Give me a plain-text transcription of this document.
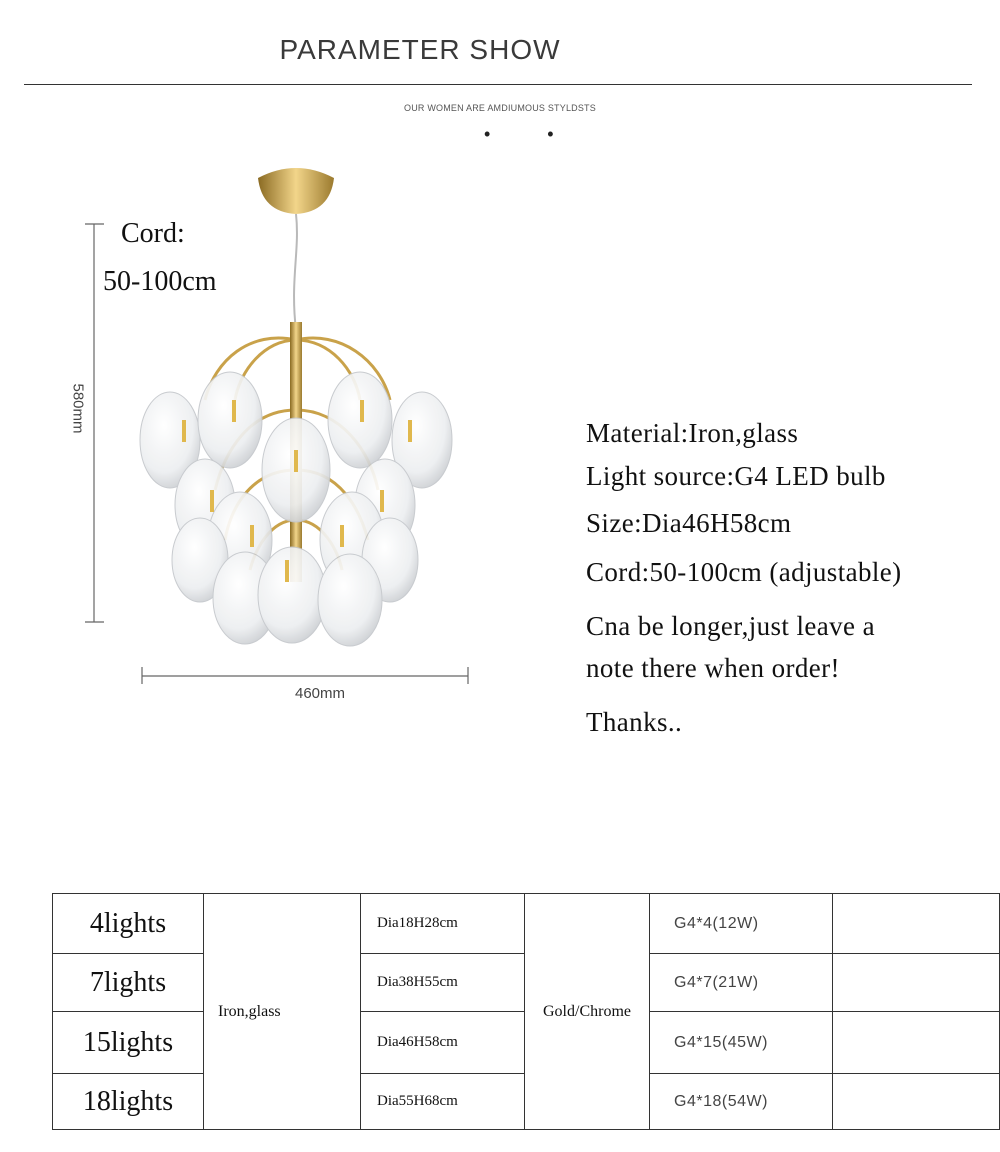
PARAMETER SHOW
OUR WOMEN ARE AMDIUMOUS STYLDSTS
• •
Cord:
50-100cm
580mm
460mm
Material:Iron,glass
Light source:G4 LED bulb
Size:Dia46H58cm
Cord:50-100cm (adjustable)
Cna be longer,just leave a
note there when order!
Thanks..
4lights	Iron,glass	Dia18H28cm	Gold/Chrome	G4*4(12W)	
7lights		Dia38H55cm		G4*7(21W)	
15lights		Dia46H58cm		G4*15(45W)	
18lights		Dia55H68cm		G4*18(54W)	
